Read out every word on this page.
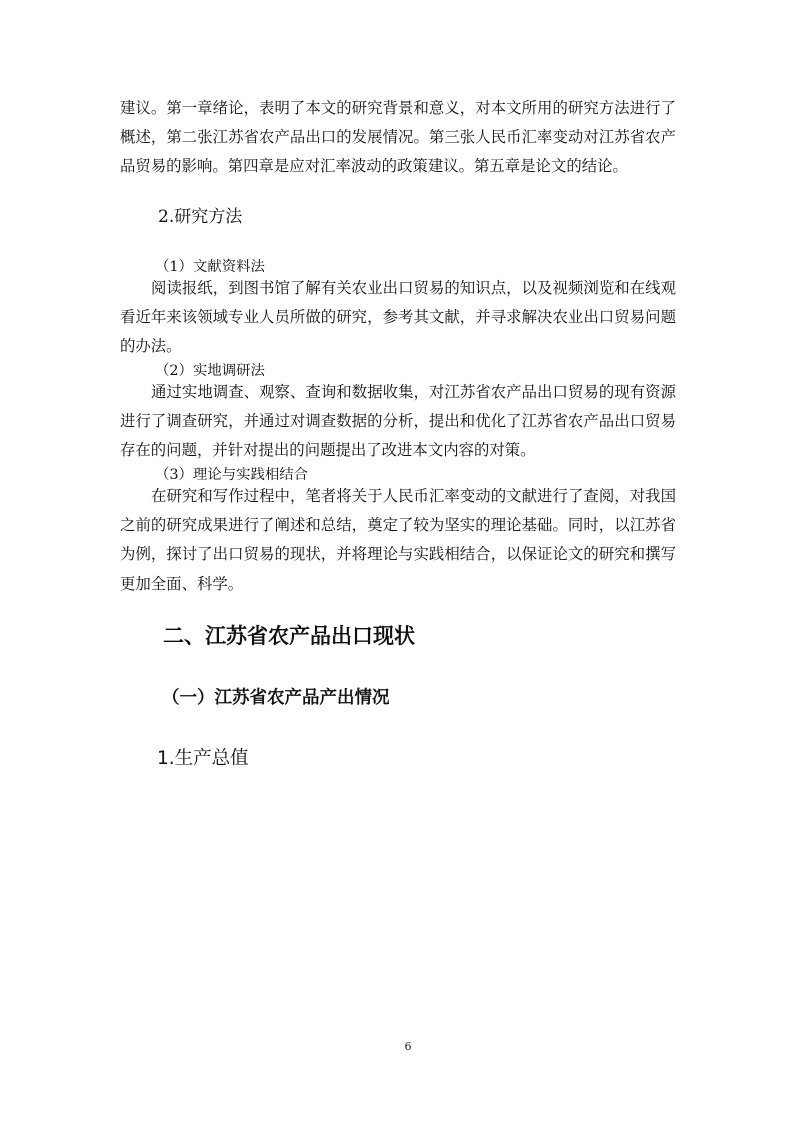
建议。第一章绪论，表明了本文的研究背景和意义，对本文所用的研究方法进行了概述，第二张江苏省农产品出口的发展情况。第三张人民币汇率变动对江苏省农产品贸易的影响。第四章是应对汇率波动的政策建议。第五章是论文的结论。

2.研究方法

（1）文献资料法

阅读报纸，到图书馆了解有关农业出口贸易的知识点，以及视频浏览和在线观看近年来该领域专业人员所做的研究，参考其文献，并寻求解决农业出口贸易问题的办法。

（2）实地调研法

通过实地调查、观察、查询和数据收集，对江苏省农产品出口贸易的现有资源进行了调查研究，并通过对调查数据的分析，提出和优化了江苏省农产品出口贸易存在的问题，并针对提出的问题提出了改进本文内容的对策。

（3）理论与实践相结合

在研究和写作过程中，笔者将关于人民币汇率变动的文献进行了查阅，对我国之前的研究成果进行了阐述和总结，奠定了较为坚实的理论基础。同时，以江苏省为例，探讨了出口贸易的现状，并将理论与实践相结合，以保证论文的研究和撰写更加全面、科学。

二、江苏省农产品出口现状

（一）江苏省农产品产出情况

1.生产总值

6
